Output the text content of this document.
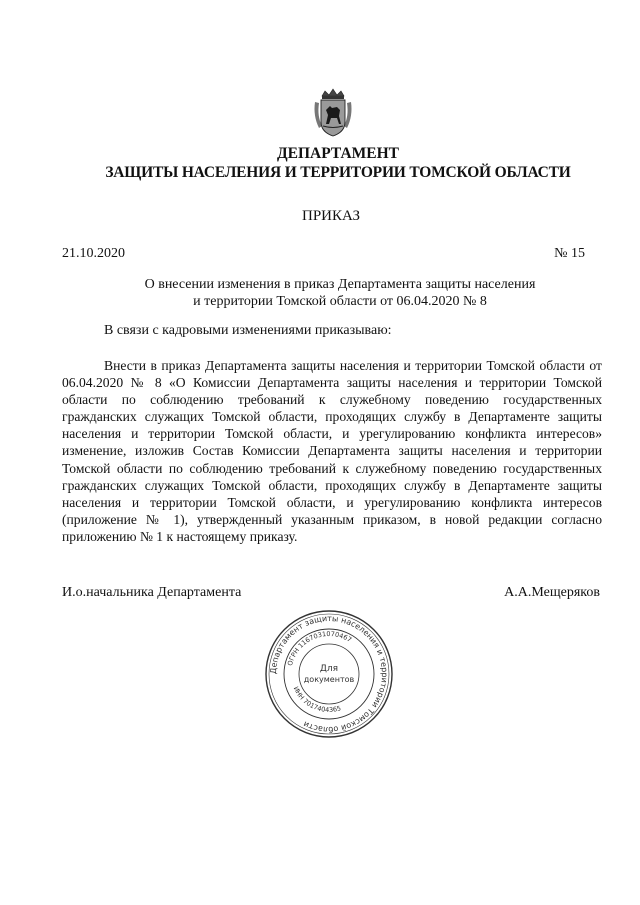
ДЕПАРТАМЕНТ
ЗАЩИТЫ НАСЕЛЕНИЯ И ТЕРРИТОРИИ ТОМСКОЙ ОБЛАСТИ
ПРИКАЗ
21.10.2020	№ 15
О внесении изменения в приказ Департамента защиты населения
и территории Томской области от 06.04.2020 № 8
В связи с кадровыми изменениями приказываю:

Внести в приказ Департамента защиты населения и территории Томской области от 06.04.2020 № 8 «О Комиссии Департамента защиты населения и территории Томской области по соблюдению требований к служебному поведению государственных гражданских служащих Томской области, проходящих службу в Департаменте защиты населения и территории Томской области, и урегулированию конфликта интересов» изменение, изложив Состав Комиссии Департамента защиты населения и территории Томской области по соблюдению требований к служебному поведению государственных гражданских служащих Томской области, проходящих службу в Департаменте защиты населения и территории Томской области, и урегулированию конфликта интересов (приложение № 1), утвержденный указанным приказом, в новой редакции согласно приложению № 1 к настоящему приказу.

И.о.начальника Департамента	А.А.Мещеряков
Департамент защиты населения и территории Томской области
ОГРН 1167031070467
ИНН 7017404365
Для
документов
